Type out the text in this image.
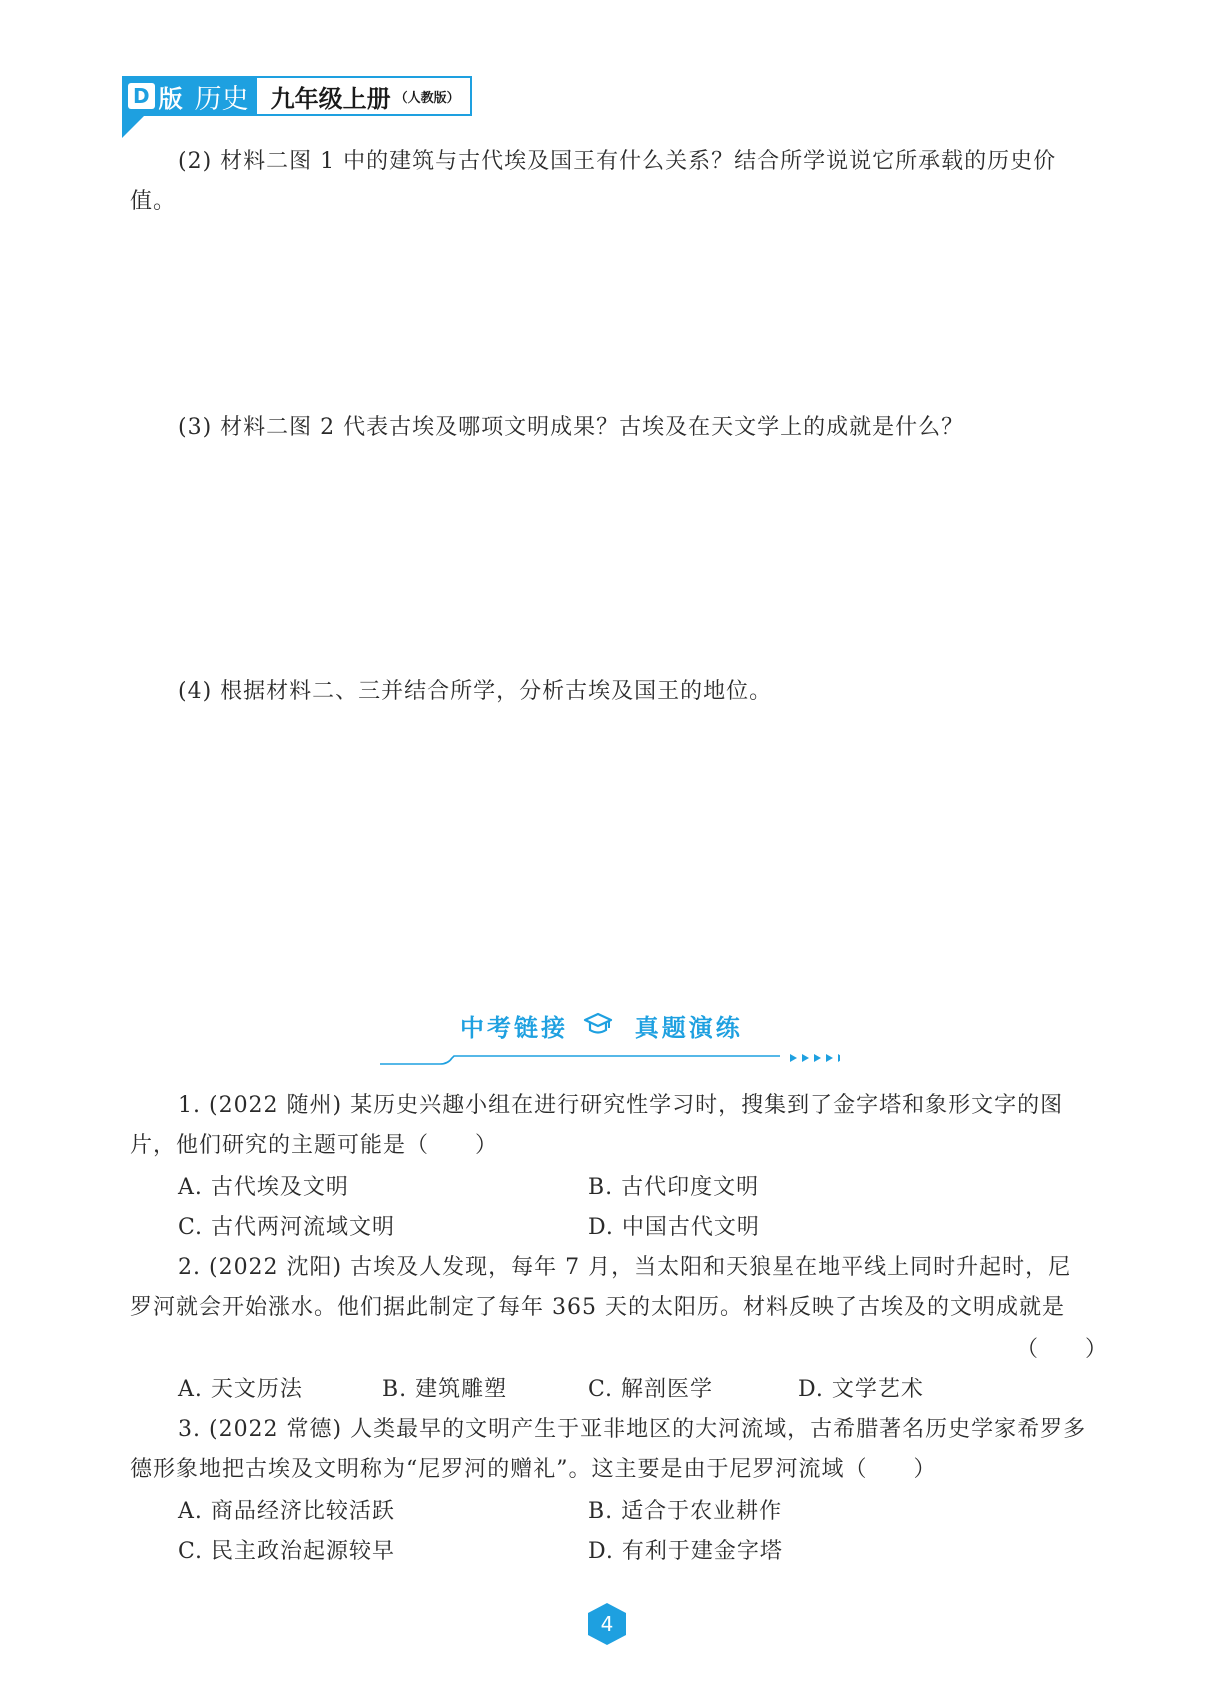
D 版 历史 九年级上册 （人教版）
(2) 材料二图 1 中的建筑与古代埃及国王有什么关系？结合所学说说它所承载的历史价值。
(3) 材料二图 2 代表古埃及哪项文明成果？古埃及在天文学上的成就是什么？
(4) 根据材料二、三并结合所学，分析古埃及国王的地位。
中考链接	真题演练
1. (2022 随州) 某历史兴趣小组在进行研究性学习时，搜集到了金字塔和象形文字的图片，他们研究的主题可能是（　　）
A. 古代埃及文明	B. 古代印度文明
C. 古代两河流域文明	D. 中国古代文明
2. (2022 沈阳) 古埃及人发现，每年 7 月，当太阳和天狼星在地平线上同时升起时，尼罗河就会开始涨水。他们据此制定了每年 365 天的太阳历。材料反映了古埃及的文明成就是
（　　）
A. 天文历法	B. 建筑雕塑	C. 解剖医学	D. 文学艺术
3. (2022 常德) 人类最早的文明产生于亚非地区的大河流域，古希腊著名历史学家希罗多德形象地把古埃及文明称为“尼罗河的赠礼”。这主要是由于尼罗河流域（　　）
A. 商品经济比较活跃	B. 适合于农业耕作
C. 民主政治起源较早	D. 有利于建金字塔
4
